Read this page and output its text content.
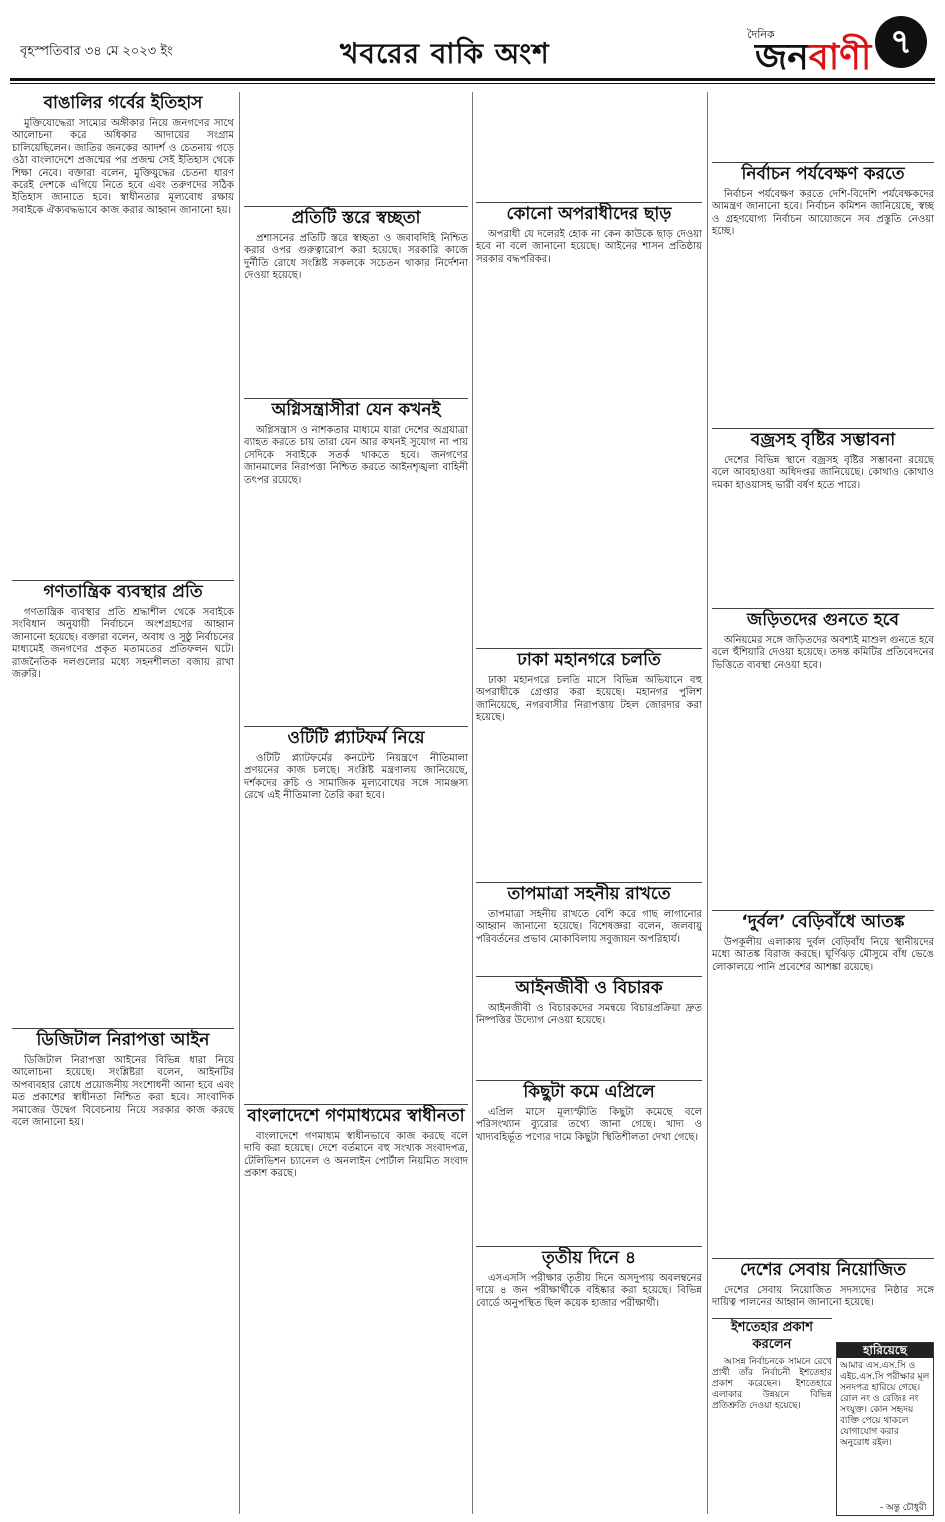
বৃহস্পতিবার ৩৪ মে ২০২৩ ইং	খবরের বাকি অংশ
দৈনিক
জনবাণী ৭
বাঙালির গর্বের ইতিহাস

মুক্তিযোদ্ধেরা সাম্যের অঙ্গীকার নিয়ে জনগণের সাথে আলোচনা করে অধিকার আদায়ের সংগ্রাম চালিয়েছিলেন। জাতির জনকের আদর্শ ও চেতনায় গড়ে ওঠা বাংলাদেশে প্রজন্মের পর প্রজন্ম সেই ইতিহাস থেকে শিক্ষা নেবে। বক্তারা বলেন, মুক্তিযুদ্ধের চেতনা ধারণ করেই দেশকে এগিয়ে নিতে হবে এবং তরুণদের সঠিক ইতিহাস জানাতে হবে। স্বাধীনতার মূল্যবোধ রক্ষায় সবাইকে ঐক্যবদ্ধভাবে কাজ করার আহ্বান জানানো হয়।

গণতান্ত্রিক ব্যবস্থার প্রতি

গণতান্ত্রিক ব্যবস্থার প্রতি শ্রদ্ধাশীল থেকে সবাইকে সংবিধান অনুযায়ী নির্বাচনে অংশগ্রহণের আহ্বান জানানো হয়েছে। বক্তারা বলেন, অবাধ ও সুষ্ঠু নির্বাচনের মাধ্যমেই জনগণের প্রকৃত মতামতের প্রতিফলন ঘটে। রাজনৈতিক দলগুলোর মধ্যে সহনশীলতা বজায় রাখা জরুরি।

ডিজিটাল নিরাপত্তা আইন

ডিজিটাল নিরাপত্তা আইনের বিভিন্ন ধারা নিয়ে আলোচনা হয়েছে। সংশ্লিষ্টরা বলেন, আইনটির অপব্যবহার রোধে প্রয়োজনীয় সংশোধনী আনা হবে এবং মত প্রকাশের স্বাধীনতা নিশ্চিত করা হবে। সাংবাদিক সমাজের উদ্বেগ বিবেচনায় নিয়ে সরকার কাজ করছে বলে জানানো হয়।

প্রতিটি স্তরে স্বচ্ছতা

প্রশাসনের প্রতিটি স্তরে স্বচ্ছতা ও জবাবদিহি নিশ্চিত করার ওপর গুরুত্বারোপ করা হয়েছে। সরকারি কাজে দুর্নীতি রোধে সংশ্লিষ্ট সকলকে সচেতন থাকার নির্দেশনা দেওয়া হয়েছে।

অগ্নিসন্ত্রাসীরা যেন কখনই

অগ্নিসন্ত্রাস ও নাশকতার মাধ্যমে যারা দেশের অগ্রযাত্রা ব্যাহত করতে চায় তারা যেন আর কখনই সুযোগ না পায় সেদিকে সবাইকে সতর্ক থাকতে হবে। জনগণের জানমালের নিরাপত্তা নিশ্চিত করতে আইনশৃঙ্খলা বাহিনী তৎপর রয়েছে।

ওটিটি প্ল্যাটফর্ম নিয়ে

ওটিটি প্ল্যাটফর্মের কনটেন্ট নিয়ন্ত্রণে নীতিমালা প্রণয়নের কাজ চলছে। সংশ্লিষ্ট মন্ত্রণালয় জানিয়েছে, দর্শকদের রুচি ও সামাজিক মূল্যবোধের সঙ্গে সামঞ্জস্য রেখে এই নীতিমালা তৈরি করা হবে।

বাংলাদেশে গণমাধ্যমের স্বাধীনতা

বাংলাদেশে গণমাধ্যম স্বাধীনভাবে কাজ করছে বলে দাবি করা হয়েছে। দেশে বর্তমানে বহু সংখ্যক সংবাদপত্র, টেলিভিশন চ্যানেল ও অনলাইন পোর্টাল নিয়মিত সংবাদ প্রকাশ করছে।

কোনো অপরাধীদের ছাড়

অপরাধী যে দলেরই হোক না কেন কাউকে ছাড় দেওয়া হবে না বলে জানানো হয়েছে। আইনের শাসন প্রতিষ্ঠায় সরকার বদ্ধপরিকর।

ঢাকা মহানগরে চলতি

ঢাকা মহানগরে চলতি মাসে বিভিন্ন অভিযানে বহু অপরাধীকে গ্রেপ্তার করা হয়েছে। মহানগর পুলিশ জানিয়েছে, নগরবাসীর নিরাপত্তায় টহল জোরদার করা হয়েছে।

তাপমাত্রা সহনীয় রাখতে

তাপমাত্রা সহনীয় রাখতে বেশি করে গাছ লাগানোর আহ্বান জানানো হয়েছে। বিশেষজ্ঞরা বলেন, জলবায়ু পরিবর্তনের প্রভাব মোকাবিলায় সবুজায়ন অপরিহার্য।

আইনজীবী ও বিচারক

আইনজীবী ও বিচারকদের সমন্বয়ে বিচারপ্রক্রিয়া দ্রুত নিষ্পত্তির উদ্যোগ নেওয়া হয়েছে।

কিছুটা কমে এপ্রিলে

এপ্রিল মাসে মূল্যস্ফীতি কিছুটা কমেছে বলে পরিসংখ্যান ব্যুরোর তথ্যে জানা গেছে। খাদ্য ও খাদ্যবহির্ভূত পণ্যের দামে কিছুটা স্থিতিশীলতা দেখা গেছে।

তৃতীয় দিনে ৪

এসএসসি পরীক্ষার তৃতীয় দিনে অসদুপায় অবলম্বনের দায়ে ৪ জন পরীক্ষার্থীকে বহিষ্কার করা হয়েছে। বিভিন্ন বোর্ডে অনুপস্থিত ছিল কয়েক হাজার পরীক্ষার্থী।

নির্বাচন পর্যবেক্ষণ করতে

নির্বাচন পর্যবেক্ষণ করতে দেশি-বিদেশি পর্যবেক্ষকদের আমন্ত্রণ জানানো হবে। নির্বাচন কমিশন জানিয়েছে, স্বচ্ছ ও গ্রহণযোগ্য নির্বাচন আয়োজনে সব প্রস্তুতি নেওয়া হচ্ছে।

বজ্রসহ বৃষ্টির সম্ভাবনা

দেশের বিভিন্ন স্থানে বজ্রসহ বৃষ্টির সম্ভাবনা রয়েছে বলে আবহাওয়া অধিদপ্তর জানিয়েছে। কোথাও কোথাও দমকা হাওয়াসহ ভারী বর্ষণ হতে পারে।

জড়িতদের গুনতে হবে

অনিয়মের সঙ্গে জড়িতদের অবশ্যই মাশুল গুনতে হবে বলে হুঁশিয়ারি দেওয়া হয়েছে। তদন্ত কমিটির প্রতিবেদনের ভিত্তিতে ব্যবস্থা নেওয়া হবে।

‘দুর্বল’ বেড়িবাঁধে আতঙ্ক

উপকূলীয় এলাকায় দুর্বল বেড়িবাঁধ নিয়ে স্থানীয়দের মধ্যে আতঙ্ক বিরাজ করছে। ঘূর্ণিঝড় মৌসুমে বাঁধ ভেঙে লোকালয়ে পানি প্রবেশের আশঙ্কা রয়েছে।

দেশের সেবায় নিয়োজিত

দেশের সেবায় নিয়োজিত সদস্যদের নিষ্ঠার সঙ্গে দায়িত্ব পালনের আহ্বান জানানো হয়েছে।

ইশতেহার প্রকাশ করলেন

আসন্ন নির্বাচনকে সামনে রেখে প্রার্থী তাঁর নির্বাচনী ইশতেহার প্রকাশ করেছেন। ইশতেহারে এলাকার উন্নয়নে বিভিন্ন প্রতিশ্রুতি দেওয়া হয়েছে।

হারিয়েছে
আমার এস.এস.সি ও এইচ.এস.সি পরীক্ষার মূল সনদপত্র হারিয়ে গেছে। রোল নং ও রেজিঃ নং সংযুক্ত। কোন সহৃদয় ব্যক্তি পেয়ে থাকলে যোগাযোগ করার অনুরোধ রইল।
- অন্তু চৌধুরী
